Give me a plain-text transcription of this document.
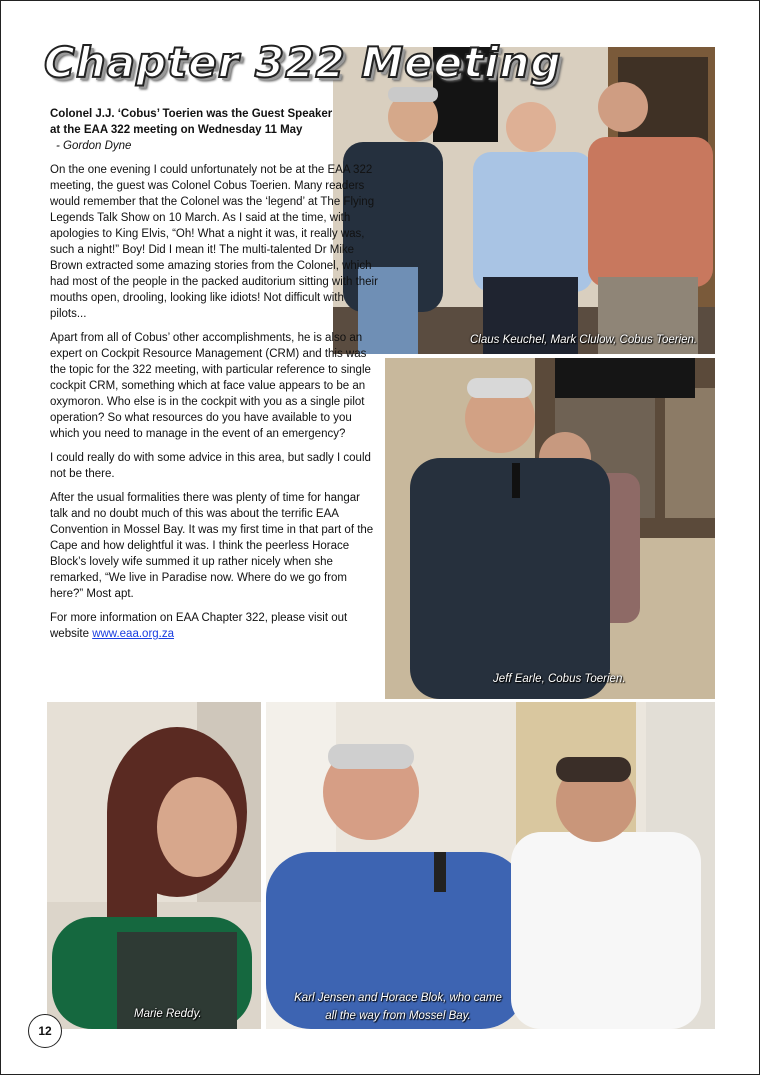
Claus Keuchel, Mark Clulow, Cobus Toerien.
Jeff Earle, Cobus Toerien.
Marie Reddy.
Karl Jensen and Horace Blok, who came
all the way from Mossel Bay.
Chapter 322 Meeting
Colonel J.J. ‘Cobus’ Toerien was the Guest Speaker
at the EAA 322 meeting on Wednesday 11 May
- Gordon Dyne

On the one evening I could unfortunately not be at the EAA 322 meeting, the guest was Colonel Cobus Toerien. Many readers would remember that the Colonel was the ‘legend’ at The Flying Legends Talk Show on 10 March. As I said at the time, with apologies to King Elvis, “Oh! What a night it was, it really was, such a night!” Boy! Did I mean it! The multi-talented Dr Mike Brown extracted some amazing stories from the Colonel, which had most of the people in the packed auditorium sitting with their mouths open, drooling, looking like idiots! Not difficult with pilots...

Apart from all of Cobus’ other accomplishments, he is also an expert on Cockpit Resource Management (CRM) and this was the topic for the 322 meeting, with particular reference to single cockpit CRM, something which at face value appears to be an oxymoron. Who else is in the cockpit with you as a single pilot operation? So what resources do you have available to you which you need to manage in the event of an emergency?

I could really do with some advice in this area, but sadly I could not be there.

After the usual formalities there was plenty of time for hangar talk and no doubt much of this was about the terrific EAA Convention in Mossel Bay. It was my first time in that part of the Cape and how delightful it was. I think the peerless Horace Block’s lovely wife summed it up rather nicely when she remarked, “We live in Paradise now. Where do we go from here?” Most apt.

For more information on EAA Chapter 322, please visit out website www.eaa.org.za

12
